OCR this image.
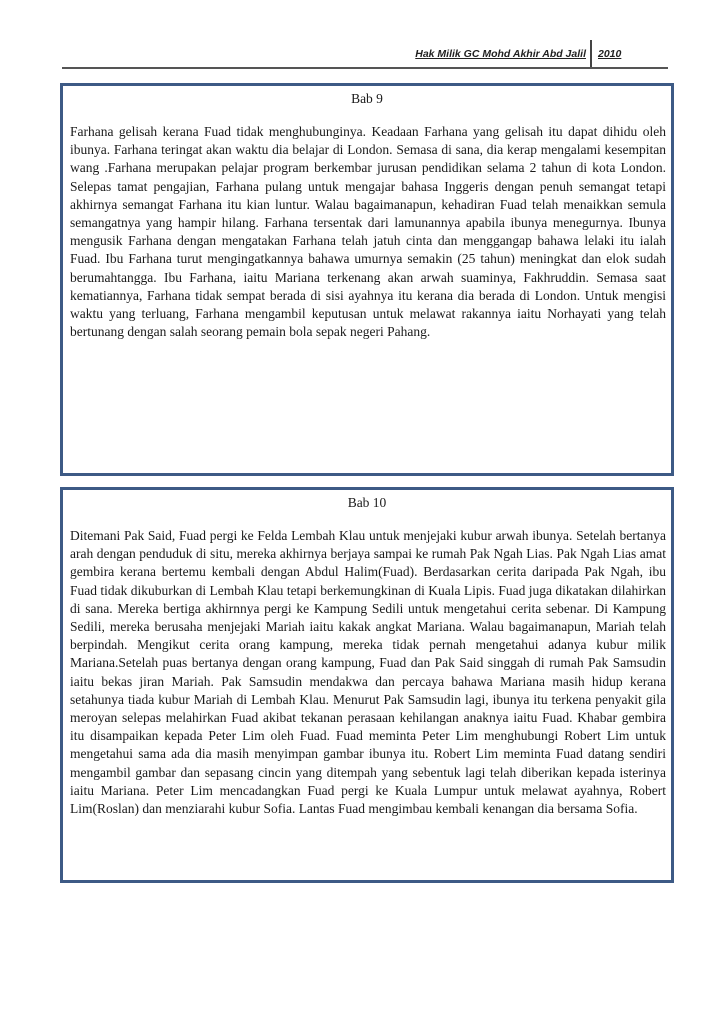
Hak Milik GC Mohd Akhir Abd Jalil 2010
Bab 9

Farhana gelisah kerana Fuad tidak menghubunginya. Keadaan Farhana yang gelisah itu dapat dihidu oleh ibunya. Farhana teringat akan waktu dia belajar di London. Semasa di sana, dia kerap mengalami kesempitan wang .Farhana merupakan pelajar program berkembar jurusan pendidikan selama 2 tahun di kota London. Selepas tamat pengajian, Farhana pulang untuk mengajar bahasa Inggeris dengan penuh semangat tetapi akhirnya semangat Farhana itu kian luntur. Walau bagaimanapun, kehadiran Fuad telah menaikkan semula semangatnya yang hampir hilang. Farhana tersentak dari lamunannya apabila ibunya menegurnya. Ibunya mengusik Farhana dengan mengatakan Farhana telah jatuh cinta dan menggangap bahawa lelaki itu ialah Fuad. Ibu Farhana turut mengingatkannya bahawa umurnya semakin (25 tahun) meningkat dan elok sudah berumahtangga. Ibu Farhana, iaitu Mariana terkenang akan arwah suaminya, Fakhruddin. Semasa saat kematiannya, Farhana tidak sempat berada di sisi ayahnya itu kerana dia berada di London. Untuk mengisi waktu yang terluang, Farhana mengambil keputusan untuk melawat rakannya iaitu Norhayati yang telah bertunang dengan salah seorang pemain bola sepak negeri Pahang.

Bab 10

Ditemani Pak Said, Fuad pergi ke Felda Lembah Klau untuk menjejaki kubur arwah ibunya. Setelah bertanya arah dengan penduduk di situ, mereka akhirnya berjaya sampai ke rumah Pak Ngah Lias. Pak Ngah Lias amat gembira kerana bertemu kembali dengan Abdul Halim(Fuad). Berdasarkan cerita daripada Pak Ngah, ibu Fuad tidak dikuburkan di Lembah Klau tetapi berkemungkinan di Kuala Lipis. Fuad juga dikatakan dilahirkan di sana. Mereka bertiga akhirnnya pergi ke Kampung Sedili untuk mengetahui cerita sebenar. Di Kampung Sedili, mereka berusaha menjejaki Mariah iaitu kakak angkat Mariana. Walau bagaimanapun, Mariah telah berpindah. Mengikut cerita orang kampung, mereka tidak pernah mengetahui adanya kubur milik Mariana.Setelah puas bertanya dengan orang kampung, Fuad dan Pak Said singgah di rumah Pak Samsudin iaitu bekas jiran Mariah. Pak Samsudin mendakwa dan percaya bahawa Mariana masih hidup kerana setahunya tiada kubur Mariah di Lembah Klau. Menurut Pak Samsudin lagi, ibunya itu terkena penyakit gila meroyan selepas melahirkan Fuad akibat tekanan perasaan kehilangan anaknya iaitu Fuad. Khabar gembira itu disampaikan kepada Peter Lim oleh Fuad. Fuad meminta Peter Lim menghubungi Robert Lim untuk mengetahui sama ada dia masih menyimpan gambar ibunya itu. Robert Lim meminta Fuad datang sendiri mengambil gambar dan sepasang cincin yang ditempah yang sebentuk lagi telah diberikan kepada isterinya iaitu Mariana. Peter Lim mencadangkan Fuad pergi ke Kuala Lumpur untuk melawat ayahnya, Robert Lim(Roslan) dan menziarahi kubur Sofia. Lantas Fuad mengimbau kembali kenangan dia bersama Sofia.
